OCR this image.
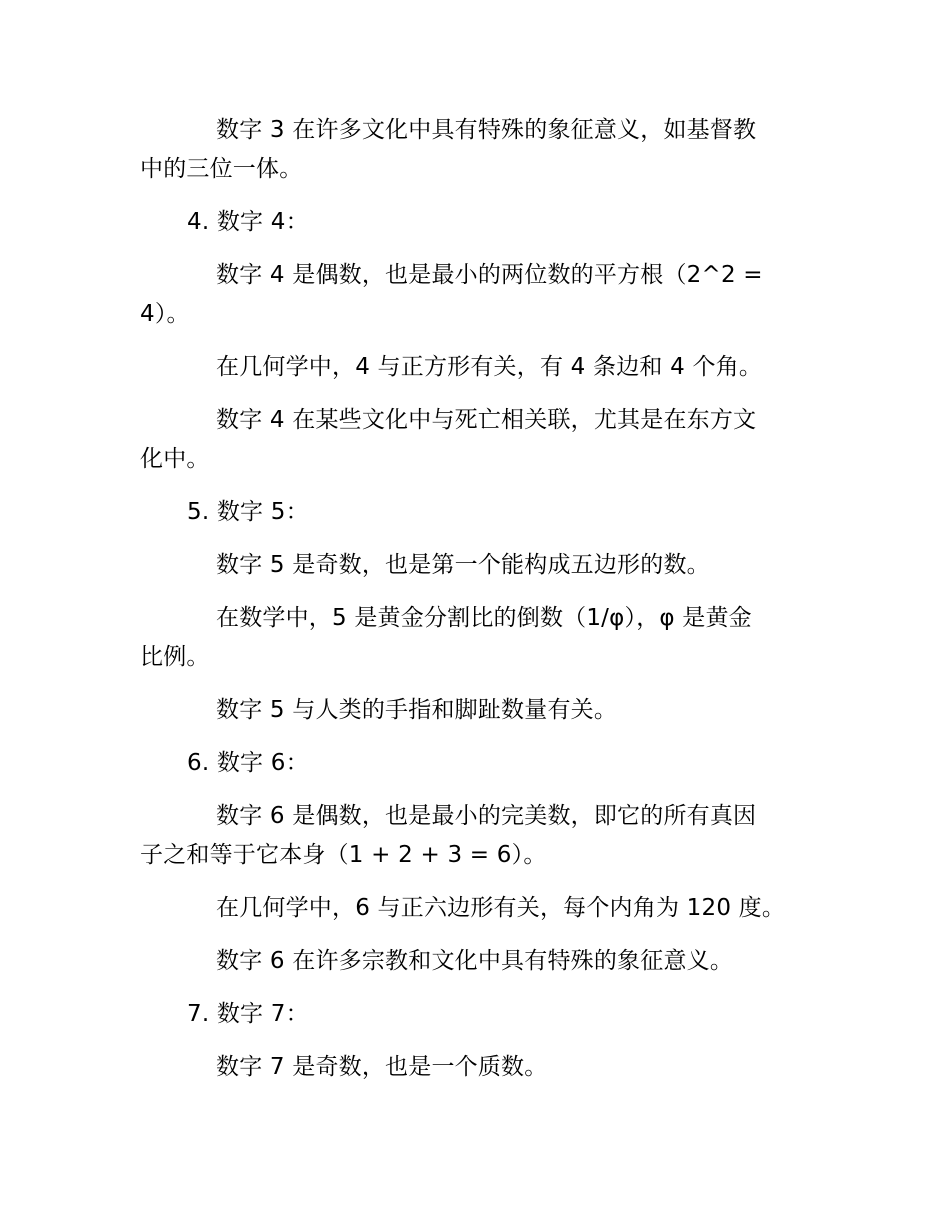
数字 3 在许多文化中具有特殊的象征意义，如基督教
中的三位一体。
4. 数字 4：
数字 4 是偶数，也是最小的两位数的平方根（2^2 =
4）。
在几何学中，4 与正方形有关，有 4 条边和 4 个角。
数字 4 在某些文化中与死亡相关联，尤其是在东方文
化中。
5. 数字 5：
数字 5 是奇数，也是第一个能构成五边形的数。
在数学中，5 是黄金分割比的倒数（1/φ），φ 是黄金
比例。
数字 5 与人类的手指和脚趾数量有关。
6. 数字 6：
数字 6 是偶数，也是最小的完美数，即它的所有真因
子之和等于它本身（1 + 2 + 3 = 6）。
在几何学中，6 与正六边形有关，每个内角为 120 度。
数字 6 在许多宗教和文化中具有特殊的象征意义。
7. 数字 7：
数字 7 是奇数，也是一个质数。
